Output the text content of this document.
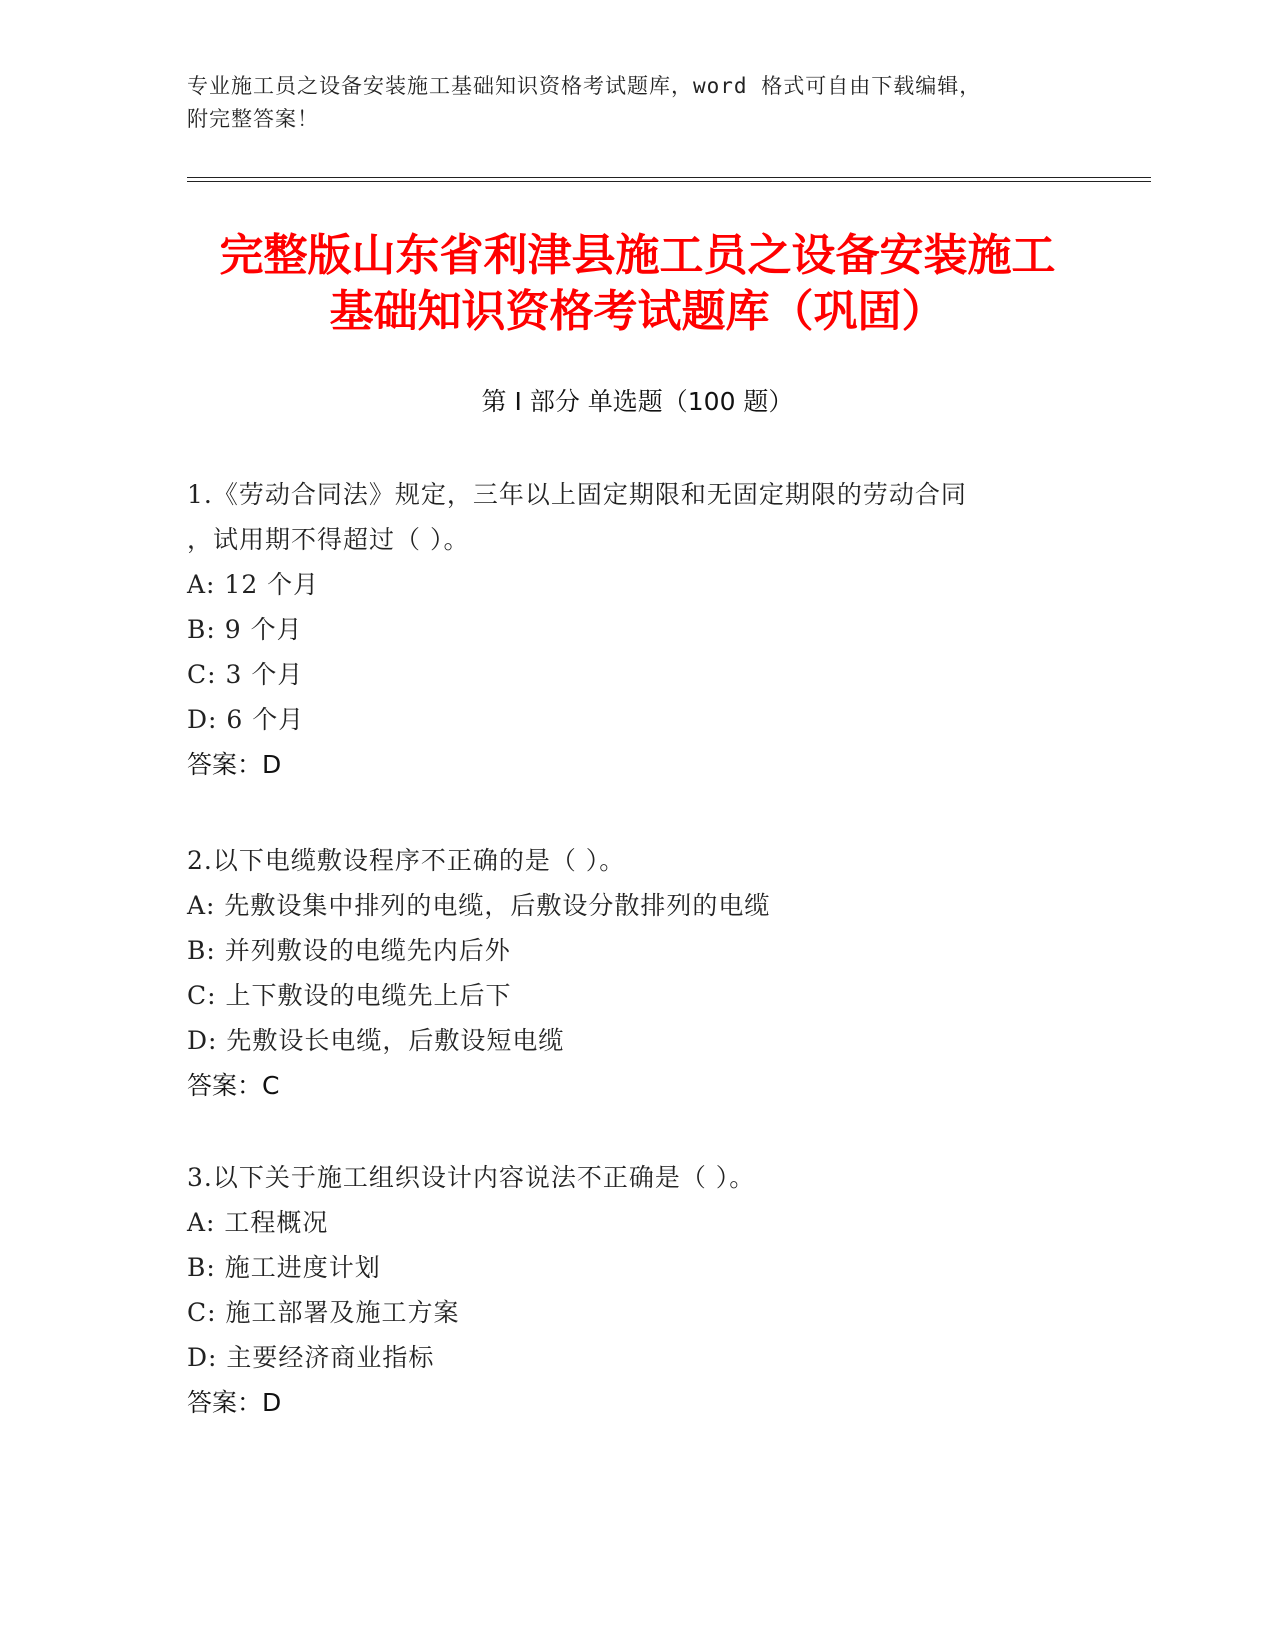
专业施工员之设备安装施工基础知识资格考试题库，word 格式可自由下载编辑，
附完整答案！
完整版山东省利津县施工员之设备安装施工
基础知识资格考试题库（巩固）
第 I 部分 单选题（100 题）
1.《劳动合同法》规定，三年以上固定期限和无固定期限的劳动合同
，试用期不得超过（ ）。
A: 12 个月
B: 9 个月
C: 3 个月
D: 6 个月
答案：D
2.以下电缆敷设程序不正确的是（ ）。
A: 先敷设集中排列的电缆，后敷设分散排列的电缆
B: 并列敷设的电缆先内后外
C: 上下敷设的电缆先上后下
D: 先敷设长电缆，后敷设短电缆
答案：C
3.以下关于施工组织设计内容说法不正确是（ ）。
A: 工程概况
B: 施工进度计划
C: 施工部署及施工方案
D: 主要经济商业指标
答案：D
